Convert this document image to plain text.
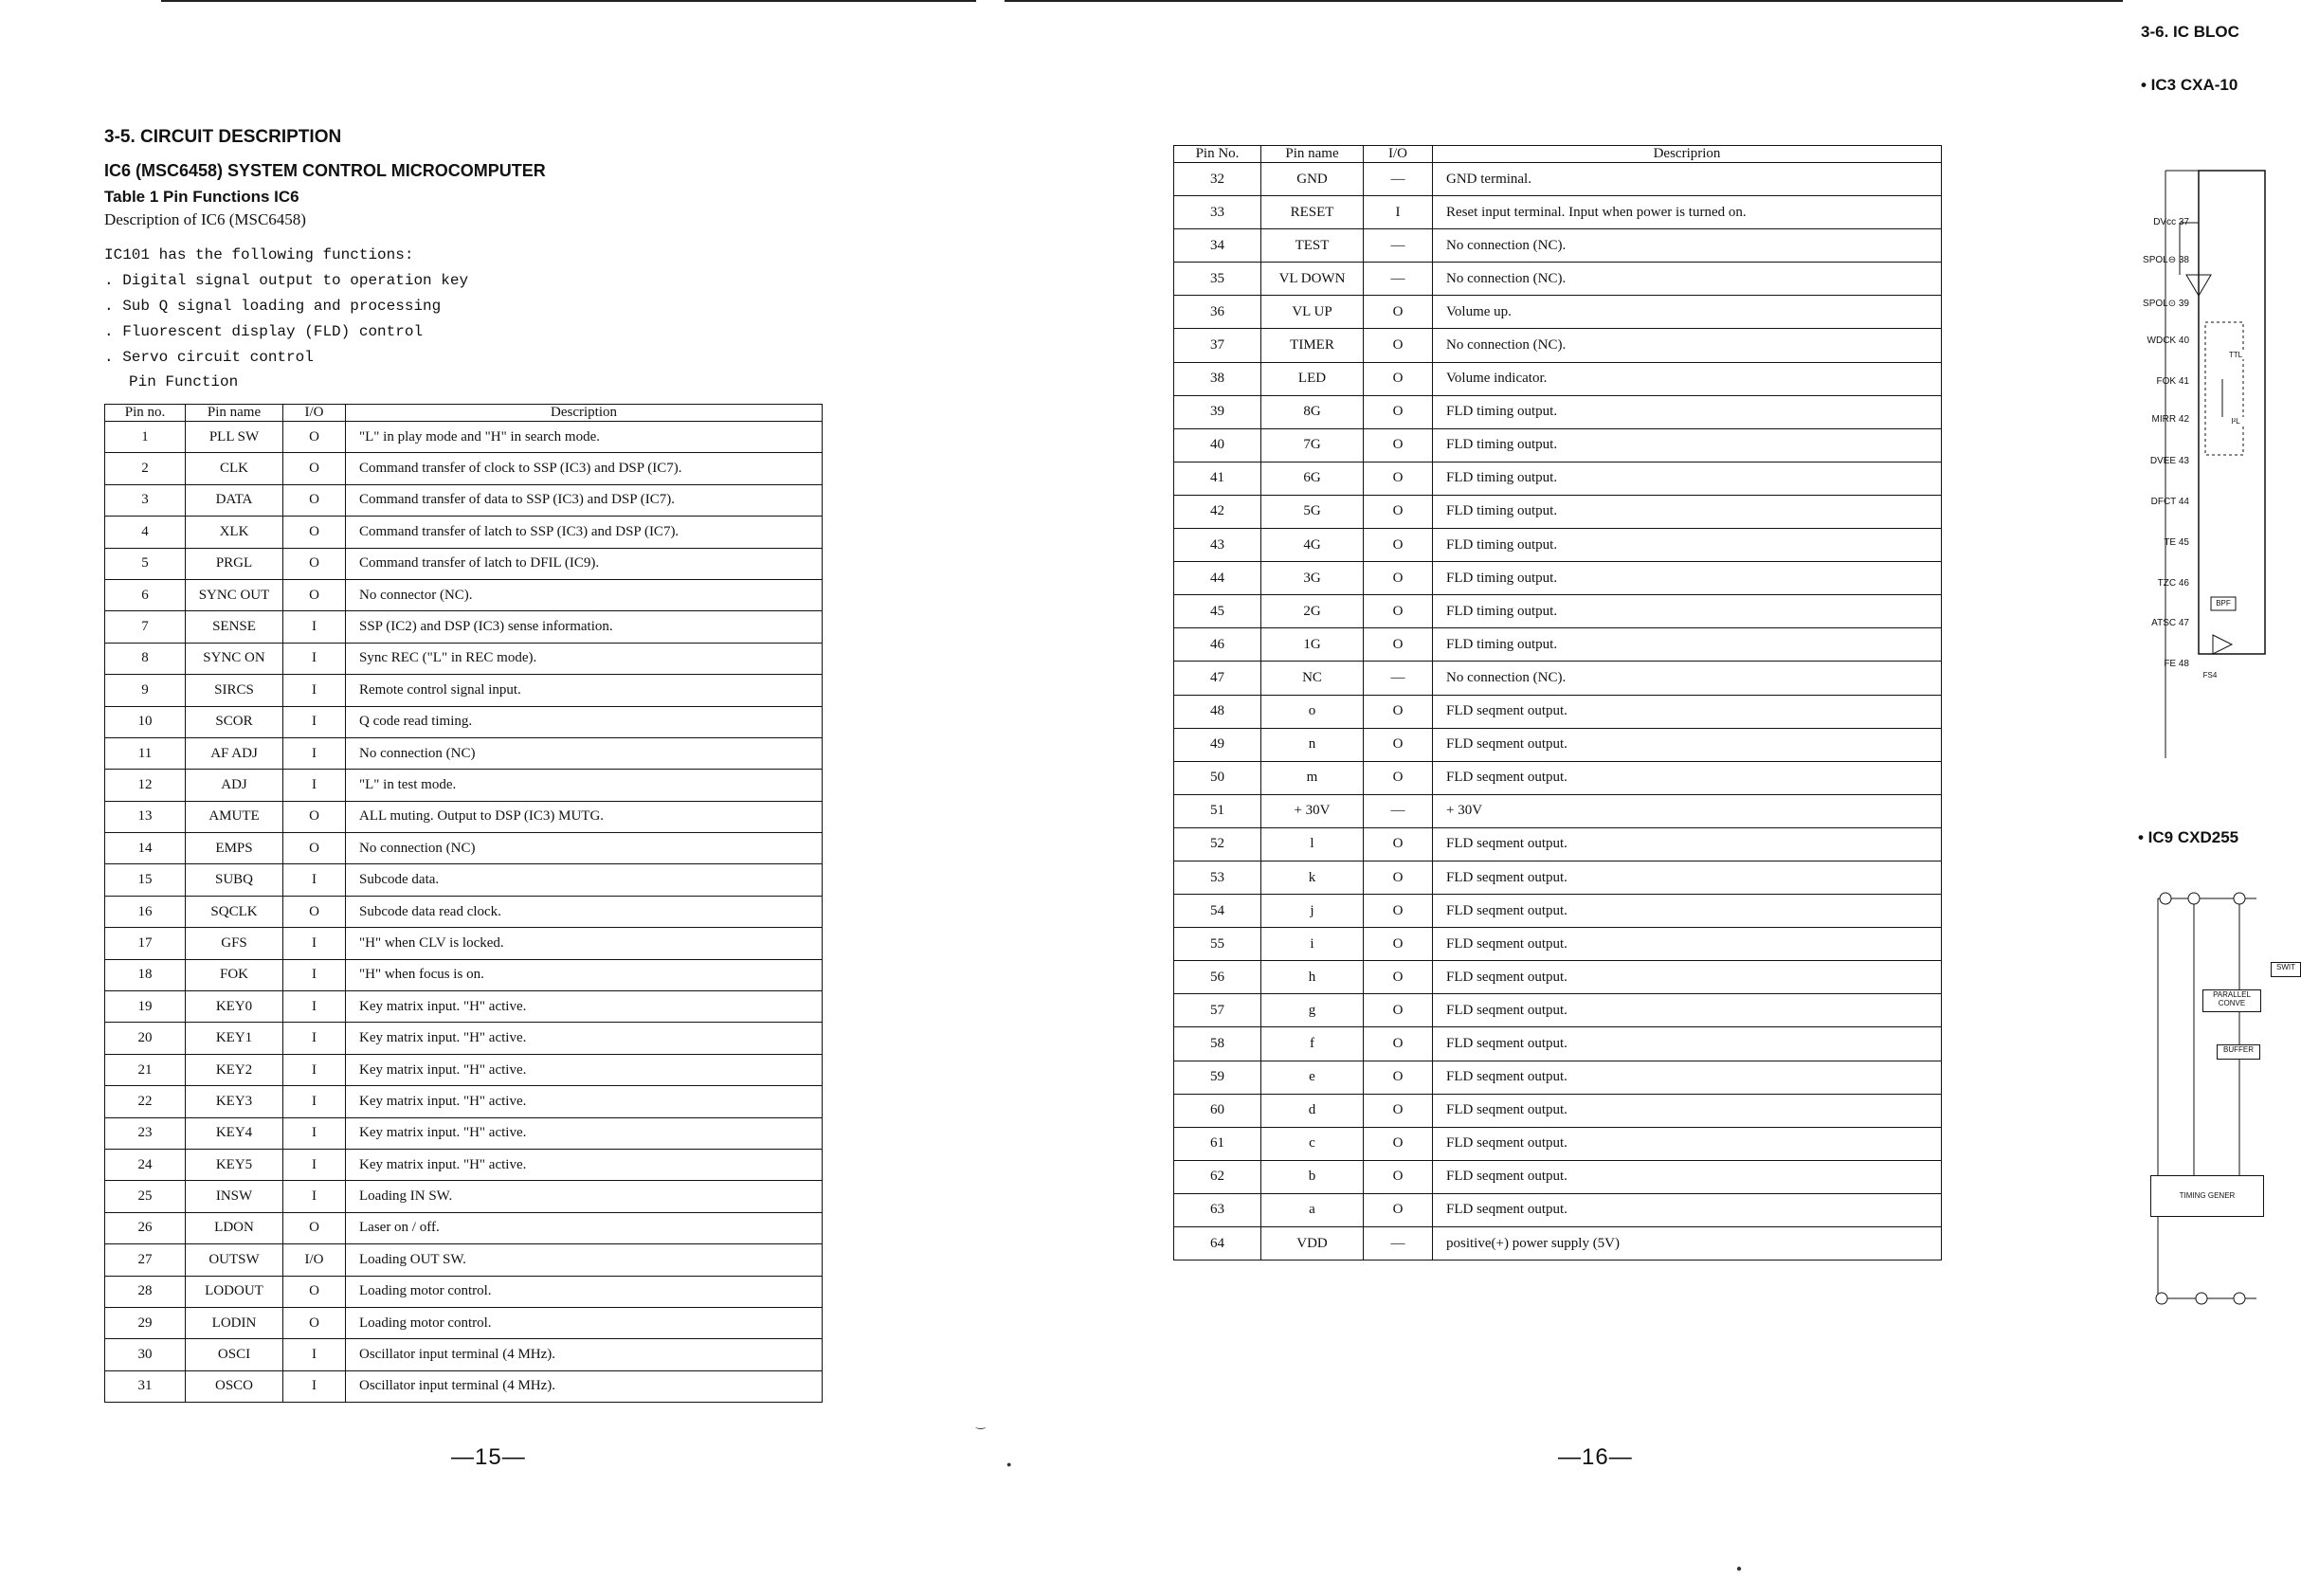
3-5. CIRCUIT DESCRIPTION
IC6 (MSC6458) SYSTEM CONTROL MICROCOMPUTER
Table 1 Pin Functions IC6
Description of IC6 (MSC6458)
IC101 has the following functions:
. Digital signal output to operation key
. Sub Q signal loading and processing
. Fluorescent display (FLD) control
. Servo circuit control
Pin Function
Pin no.	Pin name	I/O	Description
1	PLL SW	O	"L" in play mode and "H" in search mode.
2	CLK	O	Command transfer of clock to SSP (IC3) and DSP (IC7).
3	DATA	O	Command transfer of data to SSP (IC3) and DSP (IC7).
4	XLK	O	Command transfer of latch to SSP (IC3) and DSP (IC7).
5	PRGL	O	Command transfer of latch to DFIL (IC9).
6	SYNC OUT	O	No connector (NC).
7	SENSE	I	SSP (IC2) and DSP (IC3) sense information.
8	SYNC ON	I	Sync REC ("L" in REC mode).
9	SIRCS	I	Remote control signal input.
10	SCOR	I	Q code read timing.
11	AF ADJ	I	No connection (NC)
12	ADJ	I	"L" in test mode.
13	AMUTE	O	ALL muting. Output to DSP (IC3) MUTG.
14	EMPS	O	No connection (NC)
15	SUBQ	I	Subcode data.
16	SQCLK	O	Subcode data read clock.
17	GFS	I	"H" when CLV is locked.
18	FOK	I	"H" when focus is on.
19	KEY0	I	Key matrix input. "H" active.
20	KEY1	I	Key matrix input. "H" active.
21	KEY2	I	Key matrix input. "H" active.
22	KEY3	I	Key matrix input. "H" active.
23	KEY4	I	Key matrix input. "H" active.
24	KEY5	I	Key matrix input. "H" active.
25	INSW	I	Loading IN SW.
26	LDON	O	Laser on / off.
27	OUTSW	I/O	Loading OUT SW.
28	LODOUT	O	Loading motor control.
29	LODIN	O	Loading motor control.
30	OSCI	I	Oscillator input terminal (4 MHz).
31	OSCO	I	Oscillator input terminal (4 MHz).
—15—
‿
●
●
Pin No.	Pin name	I/O	Descriprion
32	GND	—	GND terminal.
33	RESET	I	Reset input terminal. Input when power is turned on.
34	TEST	—	No connection (NC).
35	VL DOWN	—	No connection (NC).
36	VL UP	O	Volume up.
37	TIMER	O	No connection (NC).
38	LED	O	Volume indicator.
39	8G	O	FLD timing output.
40	7G	O	FLD timing output.
41	6G	O	FLD timing output.
42	5G	O	FLD timing output.
43	4G	O	FLD timing output.
44	3G	O	FLD timing output.
45	2G	O	FLD timing output.
46	1G	O	FLD timing output.
47	NC	—	No connection (NC).
48	o	O	FLD seqment output.
49	n	O	FLD seqment output.
50	m	O	FLD seqment output.
51	+ 30V	—	+ 30V
52	l	O	FLD seqment output.
53	k	O	FLD seqment output.
54	j	O	FLD seqment output.
55	i	O	FLD seqment output.
56	h	O	FLD seqment output.
57	g	O	FLD seqment output.
58	f	O	FLD seqment output.
59	e	O	FLD seqment output.
60	d	O	FLD seqment output.
61	c	O	FLD seqment output.
62	b	O	FLD seqment output.
63	a	O	FLD seqment output.
64	VDD	—	positive(+) power supply (5V)
—16—
3-6. IC BLOC
• IC3 CXA-10
DVcc 37
SPOL⊖ 38
SPOL⊙ 39
WDCK 40
FOK 41
MIRR 42
DVEE 43
DFCT 44
TE 45
TZC 46
ATSC 47
FE 48
TTL
I²L
BPF
FS4
• IC9 CXD255
SWIT
PARALLEL CONVE
BUFFER
TIMING GENER
